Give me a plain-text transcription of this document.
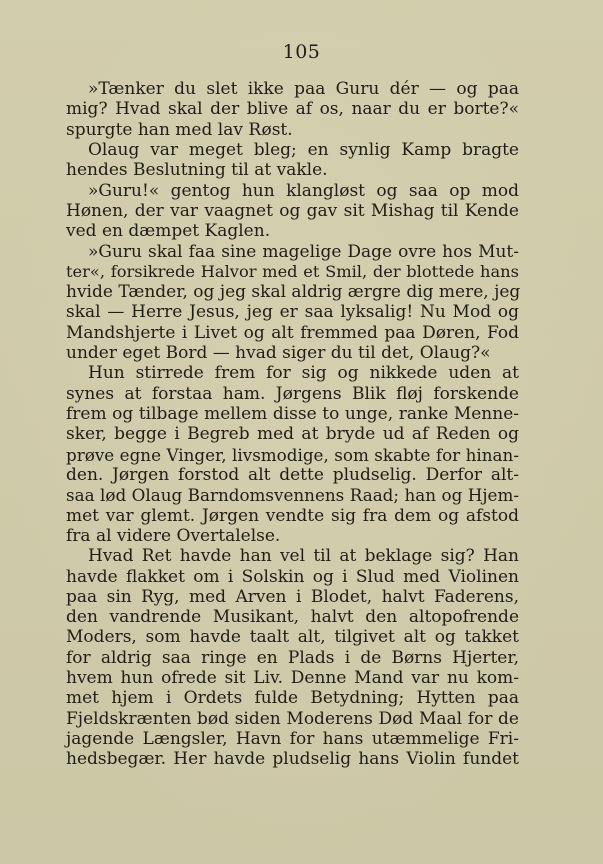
105
»Tænker du slet ikke paa Guru dér — og paa
mig? Hvad skal der blive af os, naar du er borte?«
spurgte han med lav Røst.
Olaug var meget bleg; en synlig Kamp bragte
hendes Beslutning til at vakle.
»Guru!« gentog hun klangløst og saa op mod
Hønen, der var vaagnet og gav sit Mishag til Kende
ved en dæmpet Kaglen.
»Guru skal faa sine magelige Dage ovre hos Mut-
ter«, forsikrede Halvor med et Smil, der blottede hans
hvide Tænder, og jeg skal aldrig ærgre dig mere, jeg
skal — Herre Jesus, jeg er saa lyksalig! Nu Mod og
Mandshjerte i Livet og alt fremmed paa Døren, Fod
under eget Bord — hvad siger du til det, Olaug?«
Hun stirrede frem for sig og nikkede uden at
synes at forstaa ham. Jørgens Blik fløj forskende
frem og tilbage mellem disse to unge, ranke Menne-
sker, begge i Begreb med at bryde ud af Reden og
prøve egne Vinger, livsmodige, som skabte for hinan-
den. Jørgen forstod alt dette pludselig. Derfor alt-
saa lød Olaug Barndomsvennens Raad; han og Hjem-
met var glemt. Jørgen vendte sig fra dem og afstod
fra al videre Overtalelse.
Hvad Ret havde han vel til at beklage sig? Han
havde flakket om i Solskin og i Slud med Violinen
paa sin Ryg, med Arven i Blodet, halvt Faderens,
den vandrende Musikant, halvt den altopofrende
Moders, som havde taalt alt, tilgivet alt og takket
for aldrig saa ringe en Plads i de Børns Hjerter,
hvem hun ofrede sit Liv. Denne Mand var nu kom-
met hjem i Ordets fulde Betydning; Hytten paa
Fjeldskrænten bød siden Moderens Død Maal for de
jagende Længsler, Havn for hans utæmmelige Fri-
hedsbegær. Her havde pludselig hans Violin fundet
